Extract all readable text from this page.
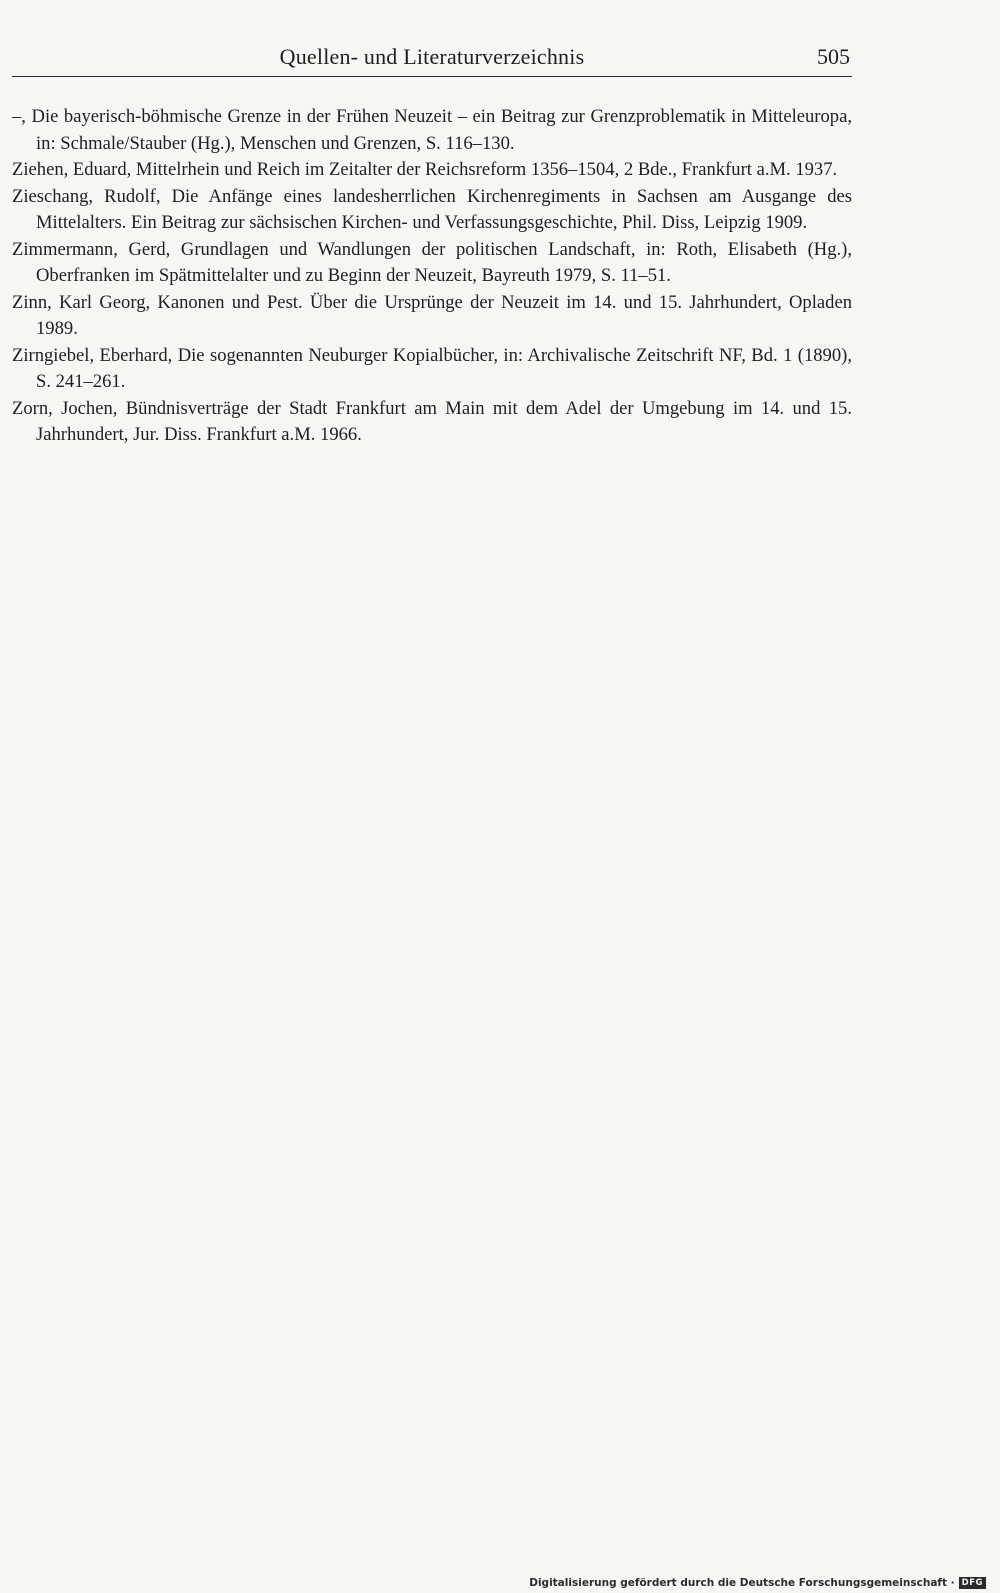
Quellen- und Literaturverzeichnis	505
–, Die bayerisch-böhmische Grenze in der Frühen Neuzeit – ein Beitrag zur Grenzproblematik in Mitteleuropa, in: Schmale/Stauber (Hg.), Menschen und Grenzen, S. 116–130.
Ziehen, Eduard, Mittelrhein und Reich im Zeitalter der Reichsreform 1356–1504, 2 Bde., Frankfurt a.M. 1937.
Zieschang, Rudolf, Die Anfänge eines landesherrlichen Kirchenregiments in Sachsen am Ausgange des Mittelalters. Ein Beitrag zur sächsischen Kirchen- und Verfassungsgeschichte, Phil. Diss, Leipzig 1909.
Zimmermann, Gerd, Grundlagen und Wandlungen der politischen Landschaft, in: Roth, Elisabeth (Hg.), Oberfranken im Spätmittelalter und zu Beginn der Neuzeit, Bayreuth 1979, S. 11–51.
Zinn, Karl Georg, Kanonen und Pest. Über die Ursprünge der Neuzeit im 14. und 15. Jahrhundert, Opladen 1989.
Zirngiebel, Eberhard, Die sogenannten Neuburger Kopialbücher, in: Archivalische Zeitschrift NF, Bd. 1 (1890), S. 241–261.
Zorn, Jochen, Bündnisverträge der Stadt Frankfurt am Main mit dem Adel der Umgebung im 14. und 15. Jahrhundert, Jur. Diss. Frankfurt a.M. 1966.
Digitalisierung gefördert durch die Deutsche Forschungsgemeinschaft · DFG
